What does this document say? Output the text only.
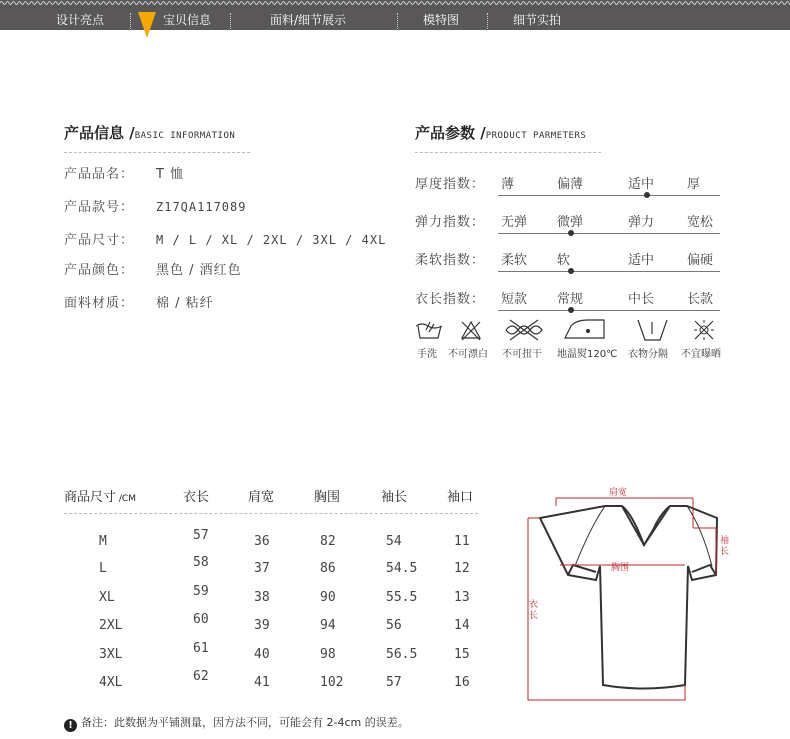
设计亮点	宝贝信息	面料/细节展示	模特图	细节实拍
产品信息 /BASIC INFORMATION
产品品名： T 恤
产品款号： Z17QA117089
产品尺寸： M / L / XL / 2XL / 3XL / 4XL
产品颜色： 黑色 / 酒红色
面料材质： 棉 / 粘纤
产品参数 /PRODUCT PARMETERS
厚度指数： 薄	偏薄	适中	厚
弹力指数： 无弹 微弹	弹力	宽松
柔软指数： 柔软 软	适中	偏硬
衣长指数： 短款 常规	中长	长款
手洗 不可漂白 不可扭干 地温熨120℃ 衣物分隔 不宜曝晒
商品尺寸 /CM	衣长	肩宽	胸围	袖长	袖口
M	57	36	82	54	11
L	58	37	86	54.5	12
XL	59	38	90	55.5	13
2XL	60	39	94	56	14
3XL	61	40	98	56.5	15
4XL	62	41	102	57	16
肩宽
袖长
胸围
衣长
! 备注：此数据为平铺测量，因方法不同，可能会有 2-4cm 的误差。
